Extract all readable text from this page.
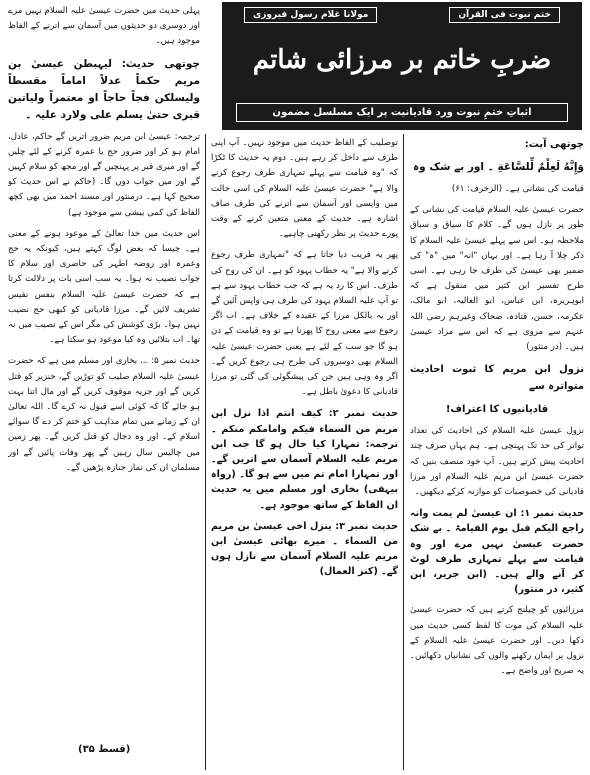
ختم نبوت فی القرآن
مولانا غلام رسول فیروزی
ضربِ خاتم بر مرزائی شاتم
اثباتِ ختمِ نبوت ورد قادیانیت پر ایک مسلسل مضمون

چوتھی آیت:

وَإِنَّهُ لَعِلْمٌ لِّلسَّاعَةِ ۔ اور بے شک وہ

قیامت کی نشانی ہے۔ (الزخرف: ۶۱)

حضرت عیسیٰ علیہ السلام قیامت کی نشانی کے طور پر نازل ہوں گے۔ کلام کا سیاق و سباق ملاحظہ ہو۔ اس سے پہلے عیسیٰ علیہ السلام کا ذکر چلا آ رہا ہے۔ اور یہاں "انہ" میں "ہ" کی ضمیر بھی عیسیٰ کی طرف جا رہی ہے۔ اسی طرح تفسیر ابن کثیر میں منقول ہے کہ ابوہریرہ، ابن عباس، ابو العالیہ، ابو مالک، عکرمہ، حسن، قتادہ، ضحاک وغیرہم رضی اللہ عنہم سے مروی ہے کہ اس سے مراد عیسیٰ ہیں۔ (در منثور)

نزول ابن مریم کا ثبوت احادیث متواترہ سے

قادیانیوں کا اعتراف!

نزول عیسیٰ علیہ السلام کی احادیث کی تعداد تواتر کی حد تک پہنچی ہے۔ ہم یہاں صرف چند احادیث پیش کرتے ہیں۔ آپ خود منصف بنیں کہ حضرت عیسیٰ ابن مریم علیہ السلام اور مرزا قادیانی کی خصوصیات کو موازنہ کرکے دیکھیں۔

حدیث نمبر ۱: ان عیسیٰ لم یمت وانہ راجع الیکم قبل یوم القیامۃ ۔ بے شک حضرت عیسیٰ نہیں مرے اور وہ قیامت سے پہلے تمہاری طرف لوٹ کر آنے والے ہیں۔ (ابن جریر، ابن کثیر، در منثور)

مرزائیوں کو چیلنج کرتے ہیں کہ حضرت عیسیٰ علیہ السلام کی موت کا لفظ کسی حدیث میں دکھا دیں۔ اور حضرت عیسیٰ علیہ السلام کے نزول پر ایمان رکھنے والوں کی نشانیاں دکھائیں۔ یہ صریح اور واضح ہے۔

توصلیب کے الفاظ حدیث میں موجود نہیں۔ آپ اپنی طرف سے داخل کر رہے ہیں۔ دوم یہ حدیث کا ٹکڑا کہ "وہ قیامت سے پہلے تمہاری طرف رجوع کرنے والا ہے" حضرت عیسیٰ علیہ السلام کی اسی حالت میں واپسی اور آسمان سے اترنے کی طرف صاف اشارہ ہے۔ حدیث کے معنی متعین کرنے کے وقت پورے حدیث پر نظر رکھنی چاہیے۔

پھر یہ فریب دیا جاتا ہے کہ "تمہاری طرف رجوع کرنے والا ہے" یہ خطاب یہود کو ہے۔ ان کی روح کی طرف۔ اس کا رد یہ ہے کہ جب خطاب یہود سے ہے تو آپ علیہ السلام یہود کی طرف ہی واپس آئیں گے اور یہ بالکل مرزا کے عقیدہ کے خلاف ہے۔ اب اگر رجوع سے معنی روح کا پھرنا ہے تو وہ قیامت کے دن ہو گا جو سب کے لئے ہے یعنی حضرت عیسیٰ علیہ السلام بھی دوسروں کی طرح ہی رجوع کریں گے۔ اگر وہ وہی ہیں جن کی پیشگوئی کی گئی تو مرزا قادیانی کا دعویٰ باطل ہے۔

حدیث نمبر ۲: کیف انتم اذا نزل ابن مریم من السماء فیکم وامامکم منکم ۔ ترجمہ: تمہارا کیا حال ہو گا جب ابن مریم علیہ السلام آسمان سے اتریں گے۔ اور تمہارا امام تم میں سے ہو گا۔ (رواہ بیہقی) بخاری اور مسلم میں یہ حدیث ان الفاظ کے ساتھ موجود ہے۔

حدیث نمبر ۳: ینزل اخی عیسیٰ بن مریم من السماء ۔ میرے بھائی عیسیٰ ابن مریم علیہ السلام آسمان سے نازل ہوں گے۔ (کنز العمال)

پہلی حدیث میں حضرت عیسیٰ علیہ السلام نہیں مرے اور دوسری دو حدیثوں میں آسمان سے اترنے کے الفاظ موجود ہیں۔

چوتھی حدیث: لیہبطن عیسیٰ بن مریم حکماً عدلاً اماماً مقسطاً ولیسلکن فجاً حاجاً او معتمراً ولیاتین قبری حتیٰ یسلم علی ولارد علیہ ۔

ترجمہ: عیسیٰ ابن مریم ضرور اتریں گے حاکم، عادل، امام ہو کر اور ضرور حج یا عمرہ کرنے کے لئے چلیں گے اور میری قبر پر پہنچیں گے اور مجھ کو سلام کہیں گے اور میں جواب دوں گا۔ (حاکم نے اس حدیث کو صحیح کہا ہے۔ درمنثور اور مسند احمد میں بھی کچھ الفاظ کی کمی بیشی سے موجود ہے)

اس حدیث میں خدا تعالیٰ کے موعود ہونے کے معنی ہے۔ جیسا کہ بعض لوگ کہتے ہیں، کیونکہ یہ حج وعمرہ اور روضہ اطہر کی حاضری اور سلام کا جواب نصیب نہ ہوا۔ یہ سب اسی بات پر دلالت کرتا ہے کہ حضرت عیسیٰ علیہ السلام بنفس نفیس تشریف لائیں گے۔ مرزا قادیانی کو کبھی حج نصیب نہیں ہوا۔ بڑی کوشش کی مگر اس کے نصیب میں نہ تھا۔ اب بتلائیں وہ کیا موعود ہو سکتا ہے۔

حدیث نمبر ۵: ... بخاری اور مسلم میں ہے کہ حضرت عیسیٰ علیہ السلام صلیب کو توڑیں گے، خنزیر کو قتل کریں گے اور جزیہ موقوف کریں گے اور مال اتنا بہت ہو جائے گا کہ کوئی اسے قبول نہ کرے گا۔ اللہ تعالیٰ ان کے زمانے میں تمام مذاہب کو ختم کر دے گا سوائے اسلام کے۔ اور وہ دجال کو قتل کریں گے۔ پھر زمین میں چالیس سال رہیں گے پھر وفات پائیں گے اور مسلمان ان کی نماز جنازہ پڑھیں گے۔

(قسط ۳۵)
